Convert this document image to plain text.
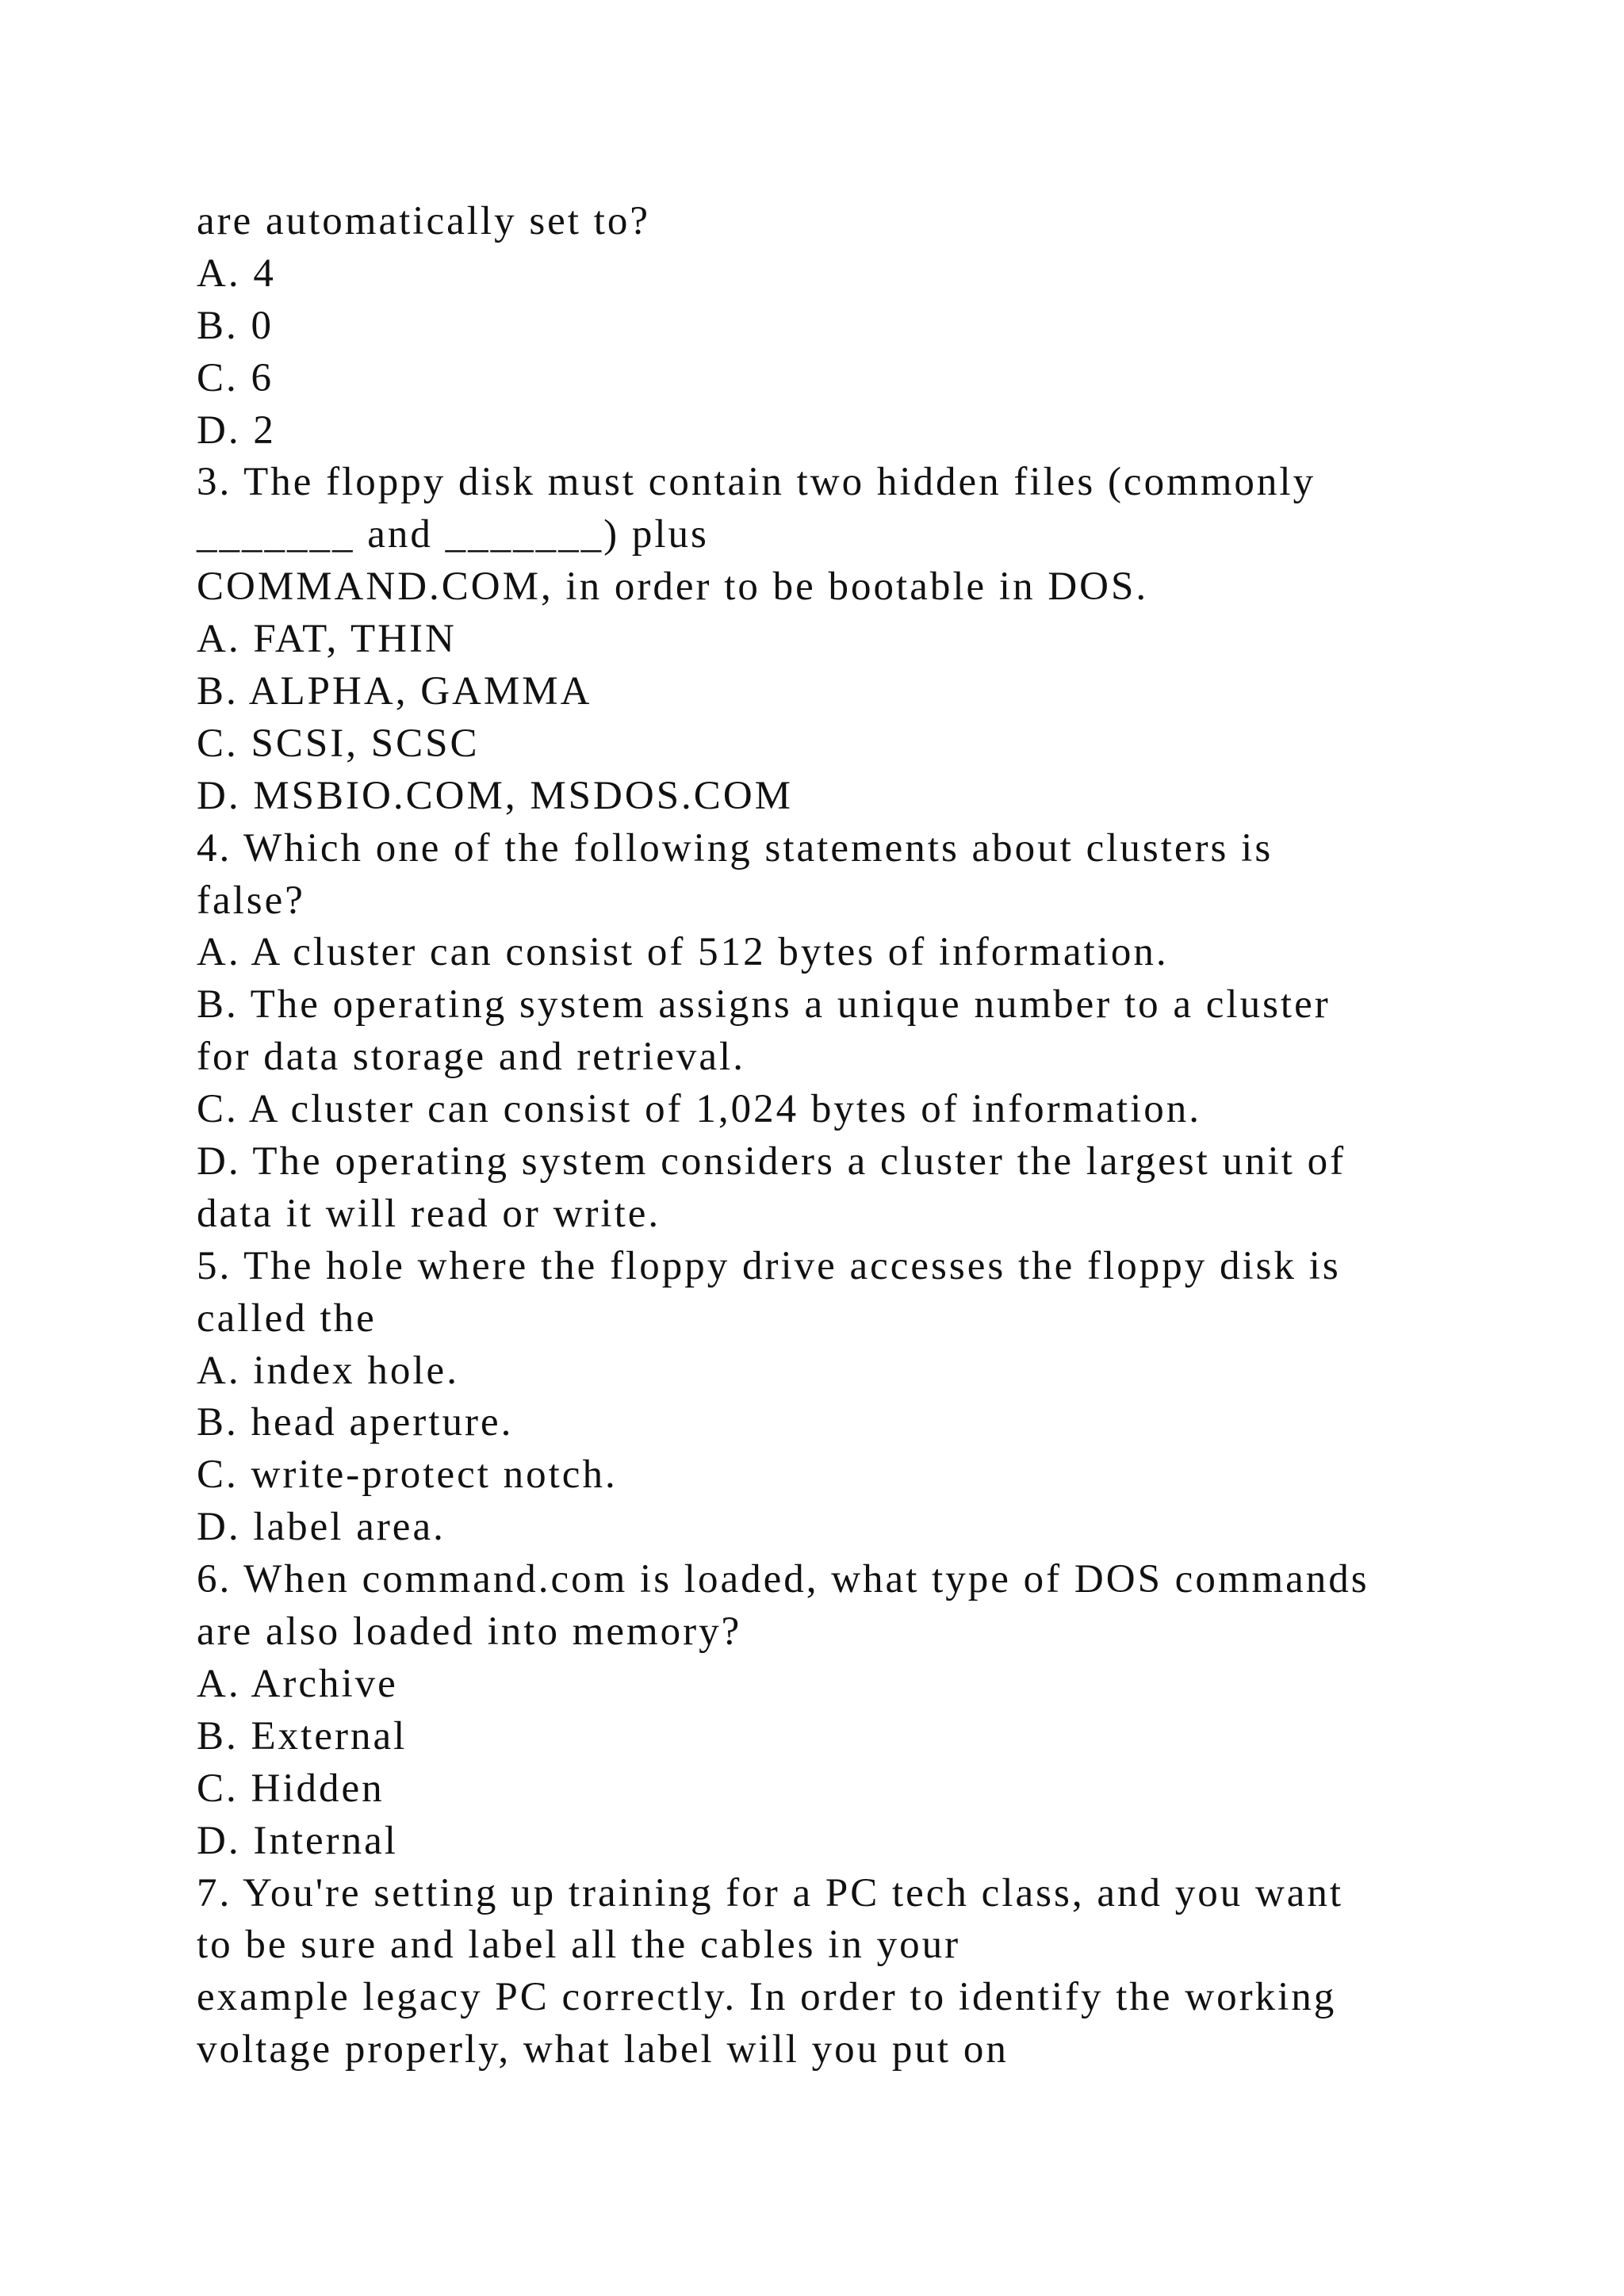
are automatically set to?
A. 4
B. 0
C. 6
D. 2
3. The floppy disk must contain two hidden files (commonly
_______ and _______) plus
COMMAND.COM, in order to be bootable in DOS.
A. FAT, THIN
B. ALPHA, GAMMA
C. SCSI, SCSC
D. MSBIO.COM, MSDOS.COM
4. Which one of the following statements about clusters is
false?
A. A cluster can consist of 512 bytes of information.
B. The operating system assigns a unique number to a cluster
for data storage and retrieval.
C. A cluster can consist of 1,024 bytes of information.
D. The operating system considers a cluster the largest unit of
data it will read or write.
5. The hole where the floppy drive accesses the floppy disk is
called the
A. index hole.
B. head aperture.
C. write-protect notch.
D. label area.
6. When command.com is loaded, what type of DOS commands
are also loaded into memory?
A. Archive
B. External
C. Hidden
D. Internal
7. You're setting up training for a PC tech class, and you want
to be sure and label all the cables in your
example legacy PC correctly. In order to identify the working
voltage properly, what label will you put on
